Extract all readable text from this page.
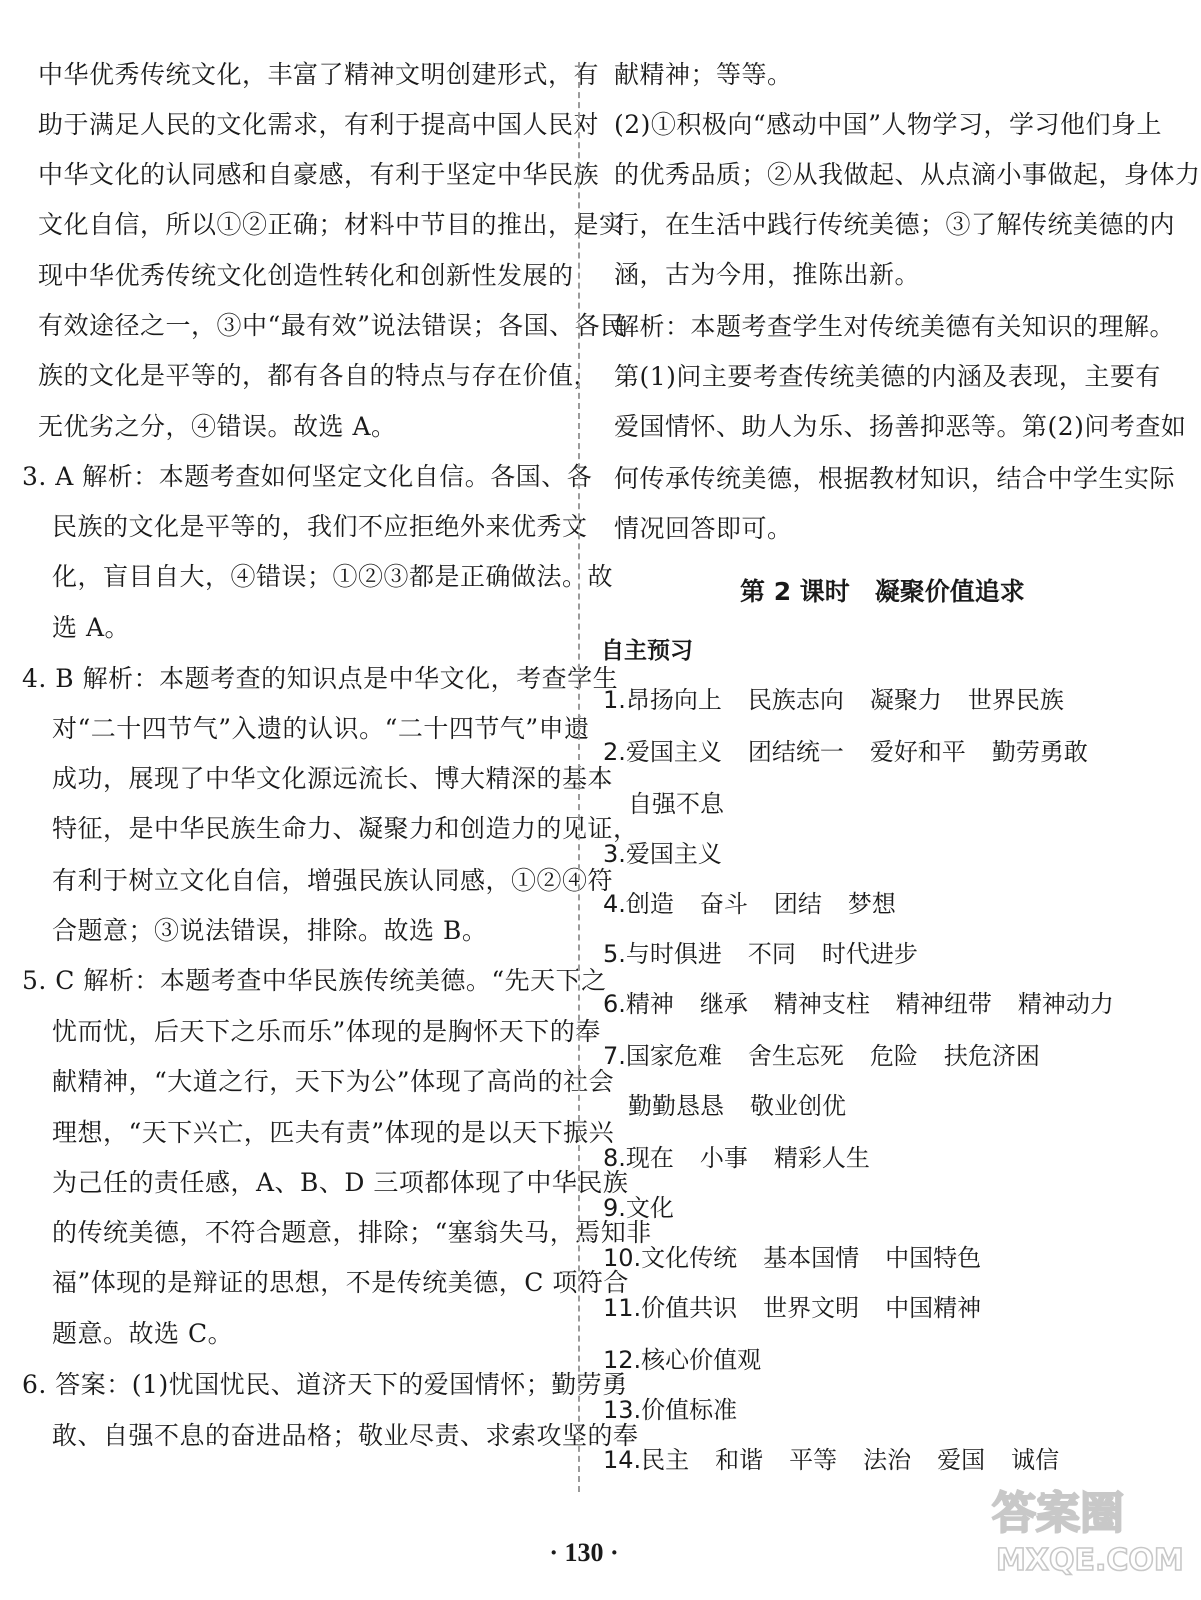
中华优秀传统文化，丰富了精神文明创建形式，有
助于满足人民的文化需求，有利于提高中国人民对
中华文化的认同感和自豪感，有利于坚定中华民族
文化自信，所以①②正确；材料中节目的推出，是实
现中华优秀传统文化创造性转化和创新性发展的
有效途径之一，③中“最有效”说法错误；各国、各民
族的文化是平等的，都有各自的特点与存在价值，
无优劣之分，④错误。故选 A。
3. A 解析：本题考查如何坚定文化自信。各国、各
民族的文化是平等的，我们不应拒绝外来优秀文
化，盲目自大，④错误；①②③都是正确做法。故
选 A。
4. B 解析：本题考查的知识点是中华文化，考查学生
对“二十四节气”入遗的认识。“二十四节气”申遗
成功，展现了中华文化源远流长、博大精深的基本
特征，是中华民族生命力、凝聚力和创造力的见证，
有利于树立文化自信，增强民族认同感，①②④符
合题意；③说法错误，排除。故选 B。
5. C 解析：本题考查中华民族传统美德。“先天下之
忧而忧，后天下之乐而乐”体现的是胸怀天下的奉
献精神，“大道之行，天下为公”体现了高尚的社会
理想，“天下兴亡，匹夫有责”体现的是以天下振兴
为己任的责任感，A、B、D 三项都体现了中华民族
的传统美德，不符合题意，排除；“塞翁失马，焉知非
福”体现的是辩证的思想，不是传统美德，C 项符合
题意。故选 C。
6. 答案：(1)忧国忧民、道济天下的爱国情怀；勤劳勇
敢、自强不息的奋进品格；敬业尽责、求索攻坚的奉
献精神；等等。
(2)①积极向“感动中国”人物学习，学习他们身上
的优秀品质；②从我做起、从点滴小事做起，身体力
行，在生活中践行传统美德；③了解传统美德的内
涵，古为今用，推陈出新。
解析：本题考查学生对传统美德有关知识的理解。
第(1)问主要考查传统美德的内涵及表现，主要有
爱国情怀、助人为乐、扬善抑恶等。第(2)问考查如
何传承传统美德，根据教材知识，结合中学生实际
情况回答即可。
第 2 课时　凝聚价值追求
自主预习
1.昂扬向上 民族志向 凝聚力 世界民族
2.爱国主义 团结统一 爱好和平 勤劳勇敢
自强不息
3.爱国主义
4.创造 奋斗 团结 梦想
5.与时俱进 不同 时代进步
6.精神 继承 精神支柱 精神纽带 精神动力
7.国家危难 舍生忘死 危险 扶危济困
勤勤恳恳 敬业创优
8.现在 小事 精彩人生
9.文化
10.文化传统 基本国情 中国特色
11.价值共识 世界文明 中国精神
12.核心价值观
13.价值标准
14.民主 和谐 平等 法治 爱国 诚信
· 130 ·
答案圈
MXQE.COM
